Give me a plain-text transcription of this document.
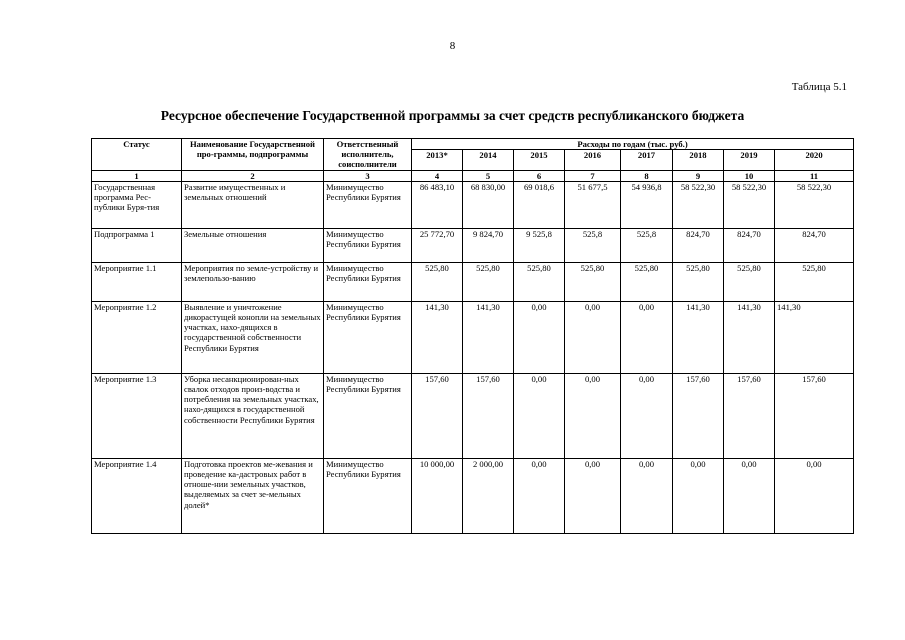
8
Таблица 5.1
Ресурсное обеспечение Государственной программы за счет средств республиканского бюджета
Статус	Наименование Государственной про-граммы, подпрограммы	Ответственный исполнитель, соисполнители	Расходы по годам (тыс. руб.)							
			2013*	2014	2015	2016	2017	2018	2019	2020
1	2	3	4	5	6	7	8	9	10	11
Государственная программа Рес-публики Буря-тия	Развитие имущественных и земельных отношений	Минимущество Республики Бурятия	86 483,10	68 830,00	69 018,6	51 677,5	54 936,8	58 522,30	58 522,30	58 522,30
Подпрограмма 1	Земельные отношения	Минимущество Республики Бурятия	25 772,70	9 824,70	9 525,8	525,8	525,8	824,70	824,70	824,70
Мероприятие 1.1	Мероприятия по земле-устройству и землепользо-ванию	Минимущество Республики Бурятия	525,80	525,80	525,80	525,80	525,80	525,80	525,80	525,80
Мероприятие 1.2	Выявление и уничтожение дикорастущей конопли на земельных участках, нахо-дящихся в государственной собственности Республики Бурятия	Минимущество Республики Бурятия	141,30	141,30	0,00	0,00	0,00	141,30	141,30	141,30
Мероприятие 1.3	Уборка несанкционирован-ных свалок отходов произ-водства и потребления на земельных участках, нахо-дящихся в государственной собственности Республики Бурятия	Минимущество Республики Бурятия	157,60	157,60	0,00	0,00	0,00	157,60	157,60	157,60
Мероприятие 1.4	Подготовка проектов ме-жевания и проведение ка-дастровых работ в отноше-нии земельных участков, выделяемых за счет зе-мельных долей*	Минимущество Республики Бурятия	10 000,00	2 000,00	0,00	0,00	0,00	0,00	0,00	0,00
